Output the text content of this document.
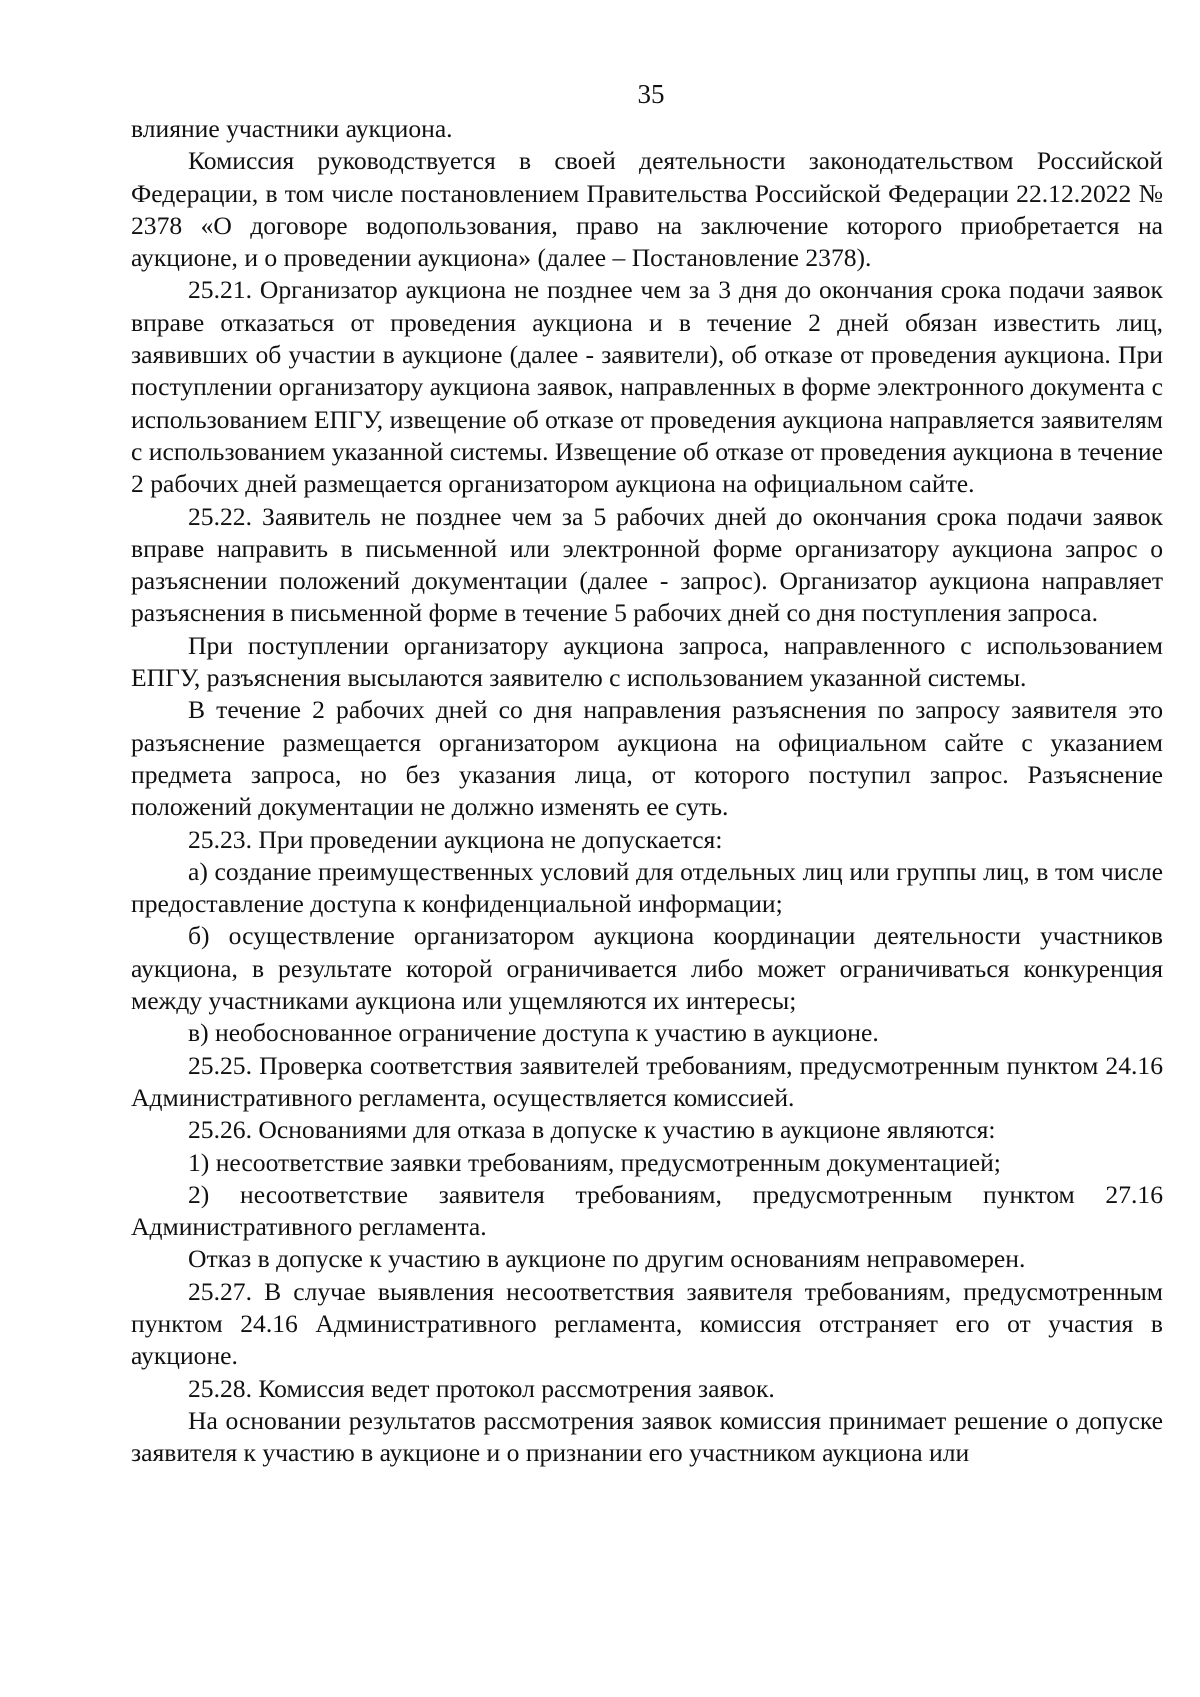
35

влияние участники аукциона.

Комиссия руководствуется в своей деятельности законодательством Российской Федерации, в том числе постановлением Правительства Российской Федерации 22.12.2022 № 2378 «О договоре водопользования, право на заключение которого приобретается на аукционе, и о проведении аукциона» (далее – Постановление 2378).

25.21. Организатор аукциона не позднее чем за 3 дня до окончания срока подачи заявок вправе отказаться от проведения аукциона и в течение 2 дней обязан известить лиц, заявивших об участии в аукционе (далее - заявители), об отказе от проведения аукциона. При поступлении организатору аукциона заявок, направленных в форме электронного документа с использованием ЕПГУ, извещение об отказе от проведения аукциона направляется заявителям с использованием указанной системы. Извещение об отказе от проведения аукциона в течение 2 рабочих дней размещается организатором аукциона на официальном сайте.

25.22. Заявитель не позднее чем за 5 рабочих дней до окончания срока подачи заявок вправе направить в письменной или электронной форме организатору аукциона запрос о разъяснении положений документации (далее - запрос). Организатор аукциона направляет разъяснения в письменной форме в течение 5 рабочих дней со дня поступления запроса.

При поступлении организатору аукциона запроса, направленного с использованием ЕПГУ, разъяснения высылаются заявителю с использованием указанной системы.

В течение 2 рабочих дней со дня направления разъяснения по запросу заявителя это разъяснение размещается организатором аукциона на официальном сайте с указанием предмета запроса, но без указания лица, от которого поступил запрос. Разъяснение положений документации не должно изменять ее суть.

25.23. При проведении аукциона не допускается:

а) создание преимущественных условий для отдельных лиц или группы лиц, в том числе предоставление доступа к конфиденциальной информации;

б) осуществление организатором аукциона координации деятельности участников аукциона, в результате которой ограничивается либо может ограничиваться конкуренция между участниками аукциона или ущемляются их интересы;

в) необоснованное ограничение доступа к участию в аукционе.

25.25. Проверка соответствия заявителей требованиям, предусмотренным пунктом 24.16 Административного регламента, осуществляется комиссией.

25.26. Основаниями для отказа в допуске к участию в аукционе являются:

1) несоответствие заявки требованиям, предусмотренным документацией;

2) несоответствие заявителя требованиям, предусмотренным пунктом 27.16 Административного регламента.

Отказ в допуске к участию в аукционе по другим основаниям неправомерен.

25.27. В случае выявления несоответствия заявителя требованиям, предусмотренным пунктом 24.16 Административного регламента, комиссия отстраняет его от участия в аукционе.

25.28. Комиссия ведет протокол рассмотрения заявок.

На основании результатов рассмотрения заявок комиссия принимает решение о допуске заявителя к участию в аукционе и о признании его участником аукциона или
